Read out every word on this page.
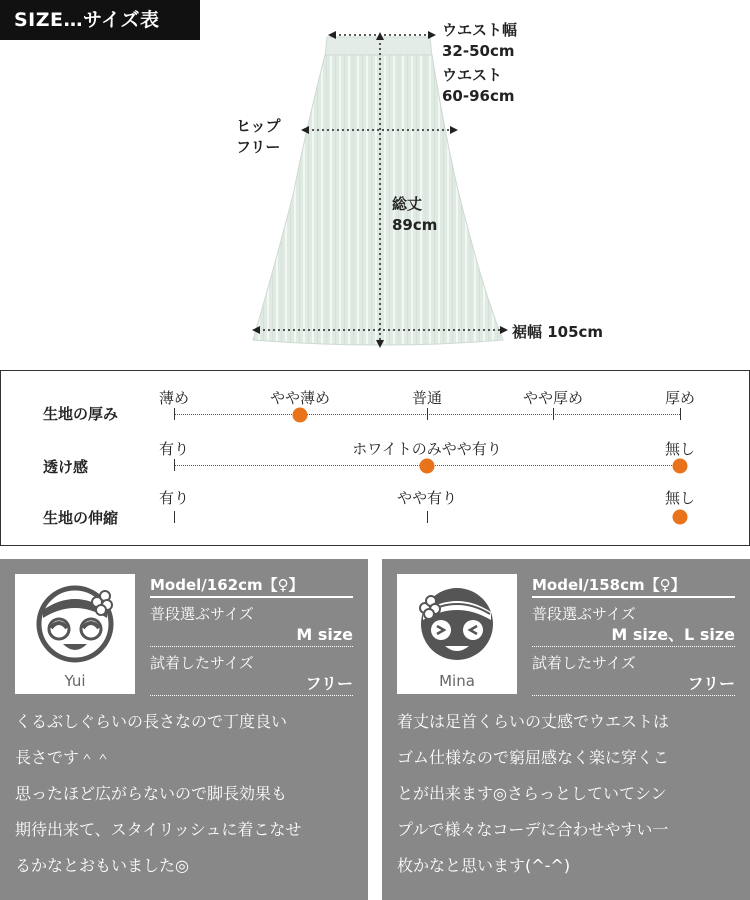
SIZE…サイズ表	ウエスト幅
32-50cm
ウエスト
60-96cm
ヒップ
フリー
総丈
89cm
裾幅 105cm
生地の厚み
薄め	やや薄め	普通	やや厚め	厚め
透け感
有り	ホワイトのみやや有り	無し
生地の伸縮
有り	やや有り	無し
Yui
Model/162cm【♀】
普段選ぶサイズ
M size
試着したサイズ
フリー
くるぶしぐらいの長さなので丁度良い
長さです＾＾
思ったほど広がらないので脚長効果も
期待出来て、スタイリッシュに着こなせ
るかなとおもいました◎
Mina
Model/158cm【♀】
普段選ぶサイズ
M size、L size
試着したサイズ
フリー
着丈は足首くらいの丈感でウエストは
ゴム仕様なので窮屈感なく楽に穿くこ
とが出来ます◎さらっとしていてシン
プルで様々なコーデに合わせやすい一
枚かなと思います(^-^)
